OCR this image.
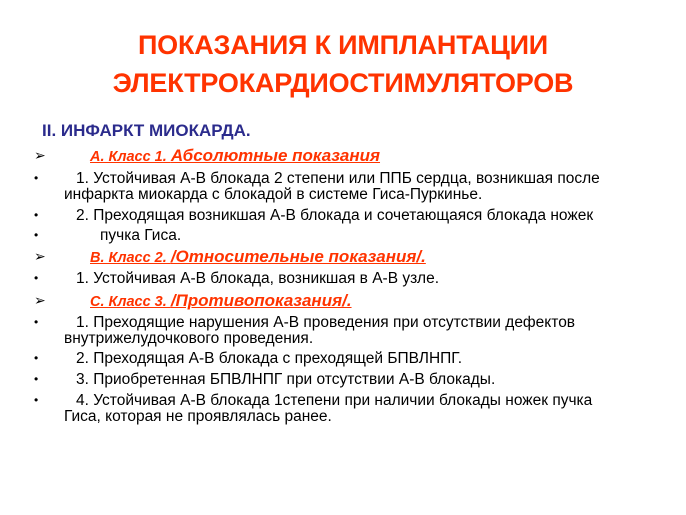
ПОКАЗАНИЯ К ИМПЛАНТАЦИИ
ЭЛЕКТРОКАРДИОСТИМУЛЯТОРОВ
II. ИНФАРКТ МИОКАРДА.
➢	А. Класс 1. Абсолютные показания
•	1. Устойчивая А-В блокада 2 степени или ППБ сердца, возникшая после
инфаркта миокарда с блокадой в системе Гиса-Пуркинье.
•	2. Преходящая возникшая А-В блокада и сочетающаяся блокада ножек
•	пучка Гиса.
➢	В. Класс 2. /Относительные показания/.
•	1. Устойчивая А-В блокада, возникшая в А-В узле.
➢	С. Класс 3. /Противопоказания/.
•	1. Преходящие нарушения А-В проведения при отсутствии дефектов
внутрижелудочкового проведения.
•	2. Преходящая А-В блокада с преходящей БПВЛНПГ.
•	3. Приобретенная БПВЛНПГ при отсутствии А-В блокады.
•	4. Устойчивая А-В блокада 1степени при наличии блокады ножек пучка
Гиса, которая не проявлялась ранее.
